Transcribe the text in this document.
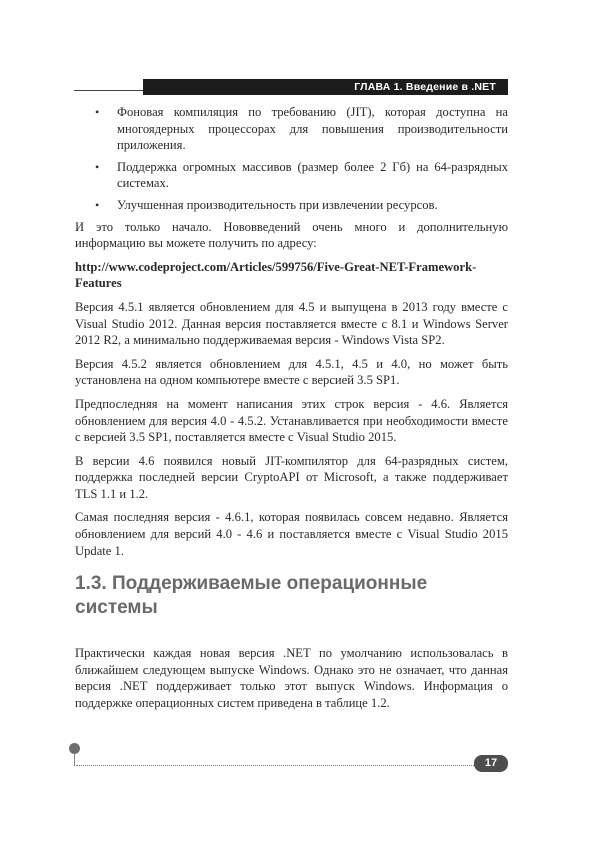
ГЛАВА 1. Введение в .NET
• Фоновая компиляция по требованию (JIT), которая доступна на многоядерных процессорах для повышения производительности приложения.
• Поддержка огромных массивов (размер более 2 Гб) на 64-разрядных системах.
• Улучшенная производительность при извлечении ресурсов.

И это только начало. Нововведений очень много и дополнительную информацию вы можете получить по адресу:

http://www.codeproject.com/Articles/599756/Five-Great-NET-Framework-Features

Версия 4.5.1 является обновлением для 4.5 и выпущена в 2013 году вместе с Visual Studio 2012. Данная версия поставляется вместе с 8.1 и Windows Server 2012 R2, а минимально поддерживаемая версия - Windows Vista SP2.

Версия 4.5.2 является обновлением для 4.5.1, 4.5 и 4.0, но может быть установлена на одном компьютере вместе с версией 3.5 SP1.

Предпоследняя на момент написания этих строк версия - 4.6. Является обновлением для версия 4.0 - 4.5.2. Устанавливается при необходимости вместе с версией 3.5 SP1, поставляется вместе с Visual Studio 2015.

В версии 4.6 появился новый JIT-компилятор для 64-разрядных систем, поддержка последней версии CryptoAPI от Microsoft, а также поддерживает TLS 1.1 и 1.2.

Самая последняя версия - 4.6.1, которая появилась совсем недавно. Является обновлением для версий 4.0 - 4.6 и поставляется вместе с Visual Studio 2015 Update 1.

1.3. Поддерживаемые операционные системы

Практически каждая новая версия .NET по умолчанию использовалась в ближайшем следующем выпуске Windows. Однако это не означает, что данная версия .NET поддерживает только этот выпуск Windows. Информация о поддержке операционных систем приведена в таблице 1.2.

17
